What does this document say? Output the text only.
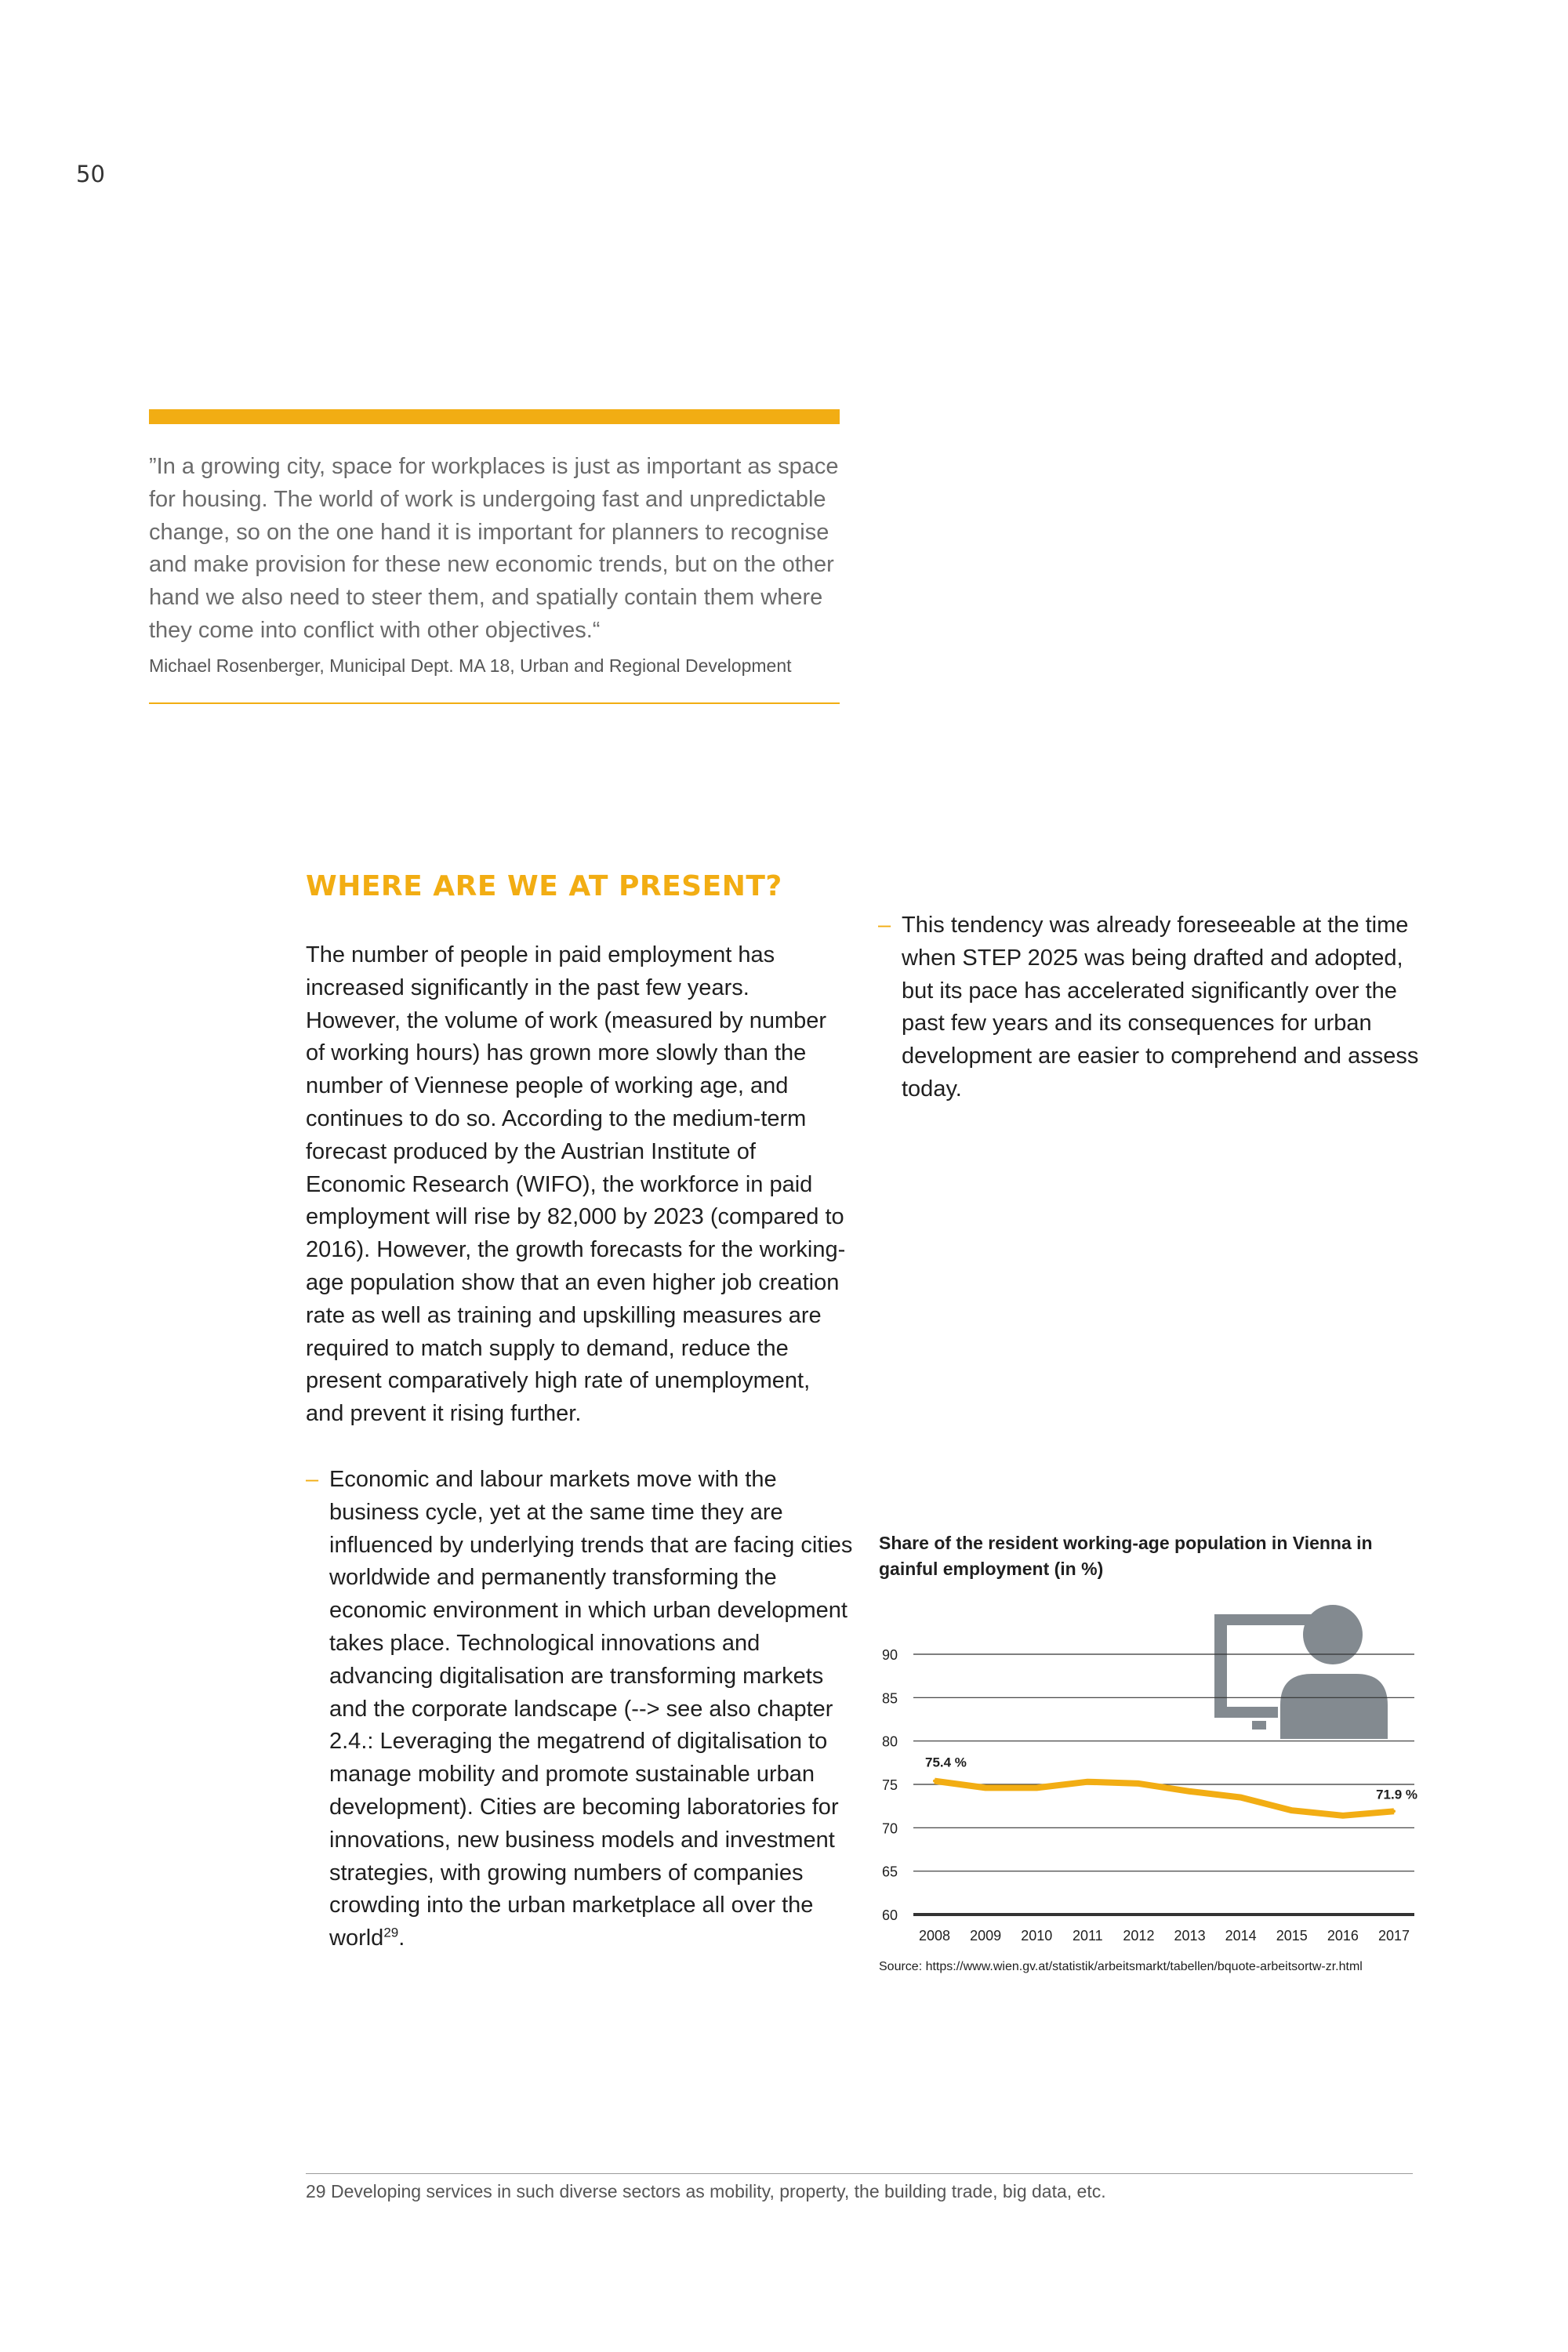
50

”In a growing city, space for workplaces is just as important as space for housing. The world of work is undergoing fast and unpredictable change, so on the one hand it is important for planners to recognise and make provision for these new economic trends, but on the other hand we also need to steer them, and spatially contain them where they come into conflict with other objectives.“

Michael Rosenberger, Municipal Dept. MA 18, Urban and Regional Development

WHERE ARE WE AT PRESENT?

The number of people in paid employment has increased significantly in the past few years. However, the volume of work (measured by number of working hours) has grown more slowly than the number of Viennese people of working age, and continues to do so. According to the medium-term forecast produced by the Austrian Institute of Economic Research (WIFO), the workforce in paid employment will rise by 82,000 by 2023 (compared to 2016). However, the growth forecasts for the working-age population show that an even higher job creation rate as well as training and upskilling measures are required to match supply to demand, reduce the present comparatively high rate of unemployment, and prevent it rising further.

– Economic and labour markets move with the business cycle, yet at the same time they are influenced by underlying trends that are facing cities worldwide and permanently transforming the economic environment in which urban development takes place. Technological innovations and advancing digitalisation are transforming markets and the corporate landscape (--> see also chapter 2.4.: Leveraging the megatrend of digitalisation to manage mobility and promote sustainable urban development). Cities are becoming laboratories for innovations, new business models and investment strategies, with growing numbers of companies crowding into the urban marketplace all over the world$^{29}$.

– This tendency was already foreseeable at the time when STEP 2025 was being drafted and adopted, but its pace has accelerated significantly over the past few years and its consequences for urban development are easier to comprehend and assess today.

Share of the resident working-age population in Vienna in gainful employment (in %)

60
65
70
75
80
85
90
2008 2009 2010 2011 2012 2013 2014 2015 2016 2017
75.4 %
71.9 %

Source: https://www.wien.gv.at/statistik/arbeitsmarkt/tabellen/bquote-arbeitsortw-zr.html

29 Developing services in such diverse sectors as mobility, property, the building trade, big data, etc.
